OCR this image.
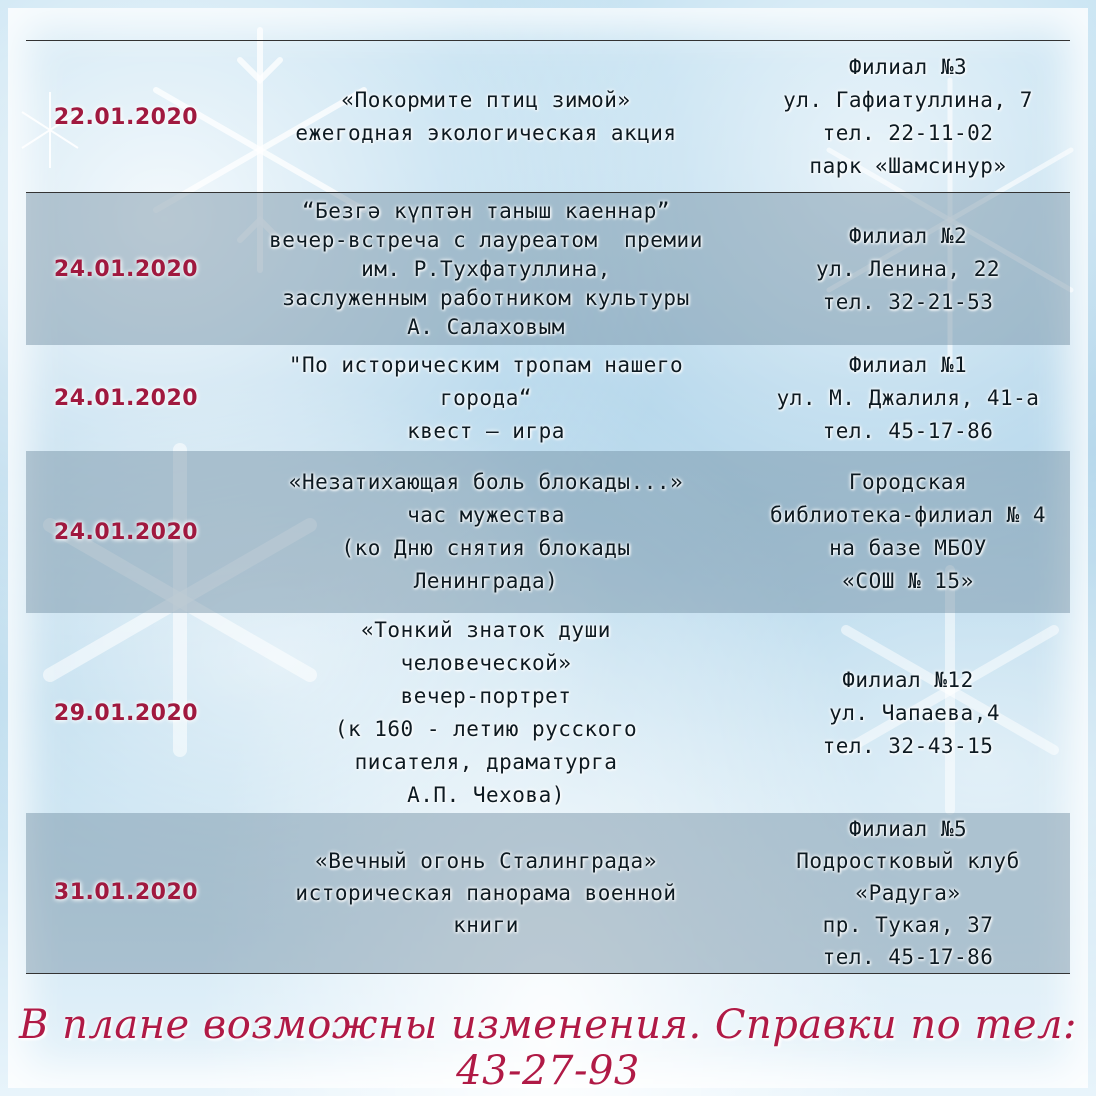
22.01.2020
«Покормите птиц зимой»
ежегодная экологическая акция
Филиал №3
ул. Гафиатуллина, 7
тел. 22-11-02
парк «Шамсинур»
24.01.2020
“Безгә күптән таныш каеннар”
вечер-встреча с лауреатом  премии
им. Р.Тухфатуллина,
заслуженным работником культуры
А. Салаховым
Филиал №2
ул. Ленина, 22
тел. 32-21-53
24.01.2020
"По историческим тропам нашего
города“
квест – игра
Филиал №1
ул. М. Джалиля, 41-а
тел. 45-17-86
24.01.2020
«Незатихающая боль блокады...»
час мужества
(ко Дню снятия блокады
Ленинграда)
Городская
библиотека-филиал № 4
на базе МБОУ
«СОШ № 15»
29.01.2020
«Тонкий знаток души
человеческой»
вечер-портрет
(к 160 - летию русского
писателя, драматурга
А.П. Чехова)
Филиал №12
ул. Чапаева,4
тел. 32-43-15
31.01.2020
«Вечный огонь Сталинграда»
историческая панорама военной
книги
Филиал №5
Подростковый клуб
«Радуга»
пр. Тукая, 37
тел. 45-17-86
В плане возможны изменения. Справки по тел: 43-27-93
